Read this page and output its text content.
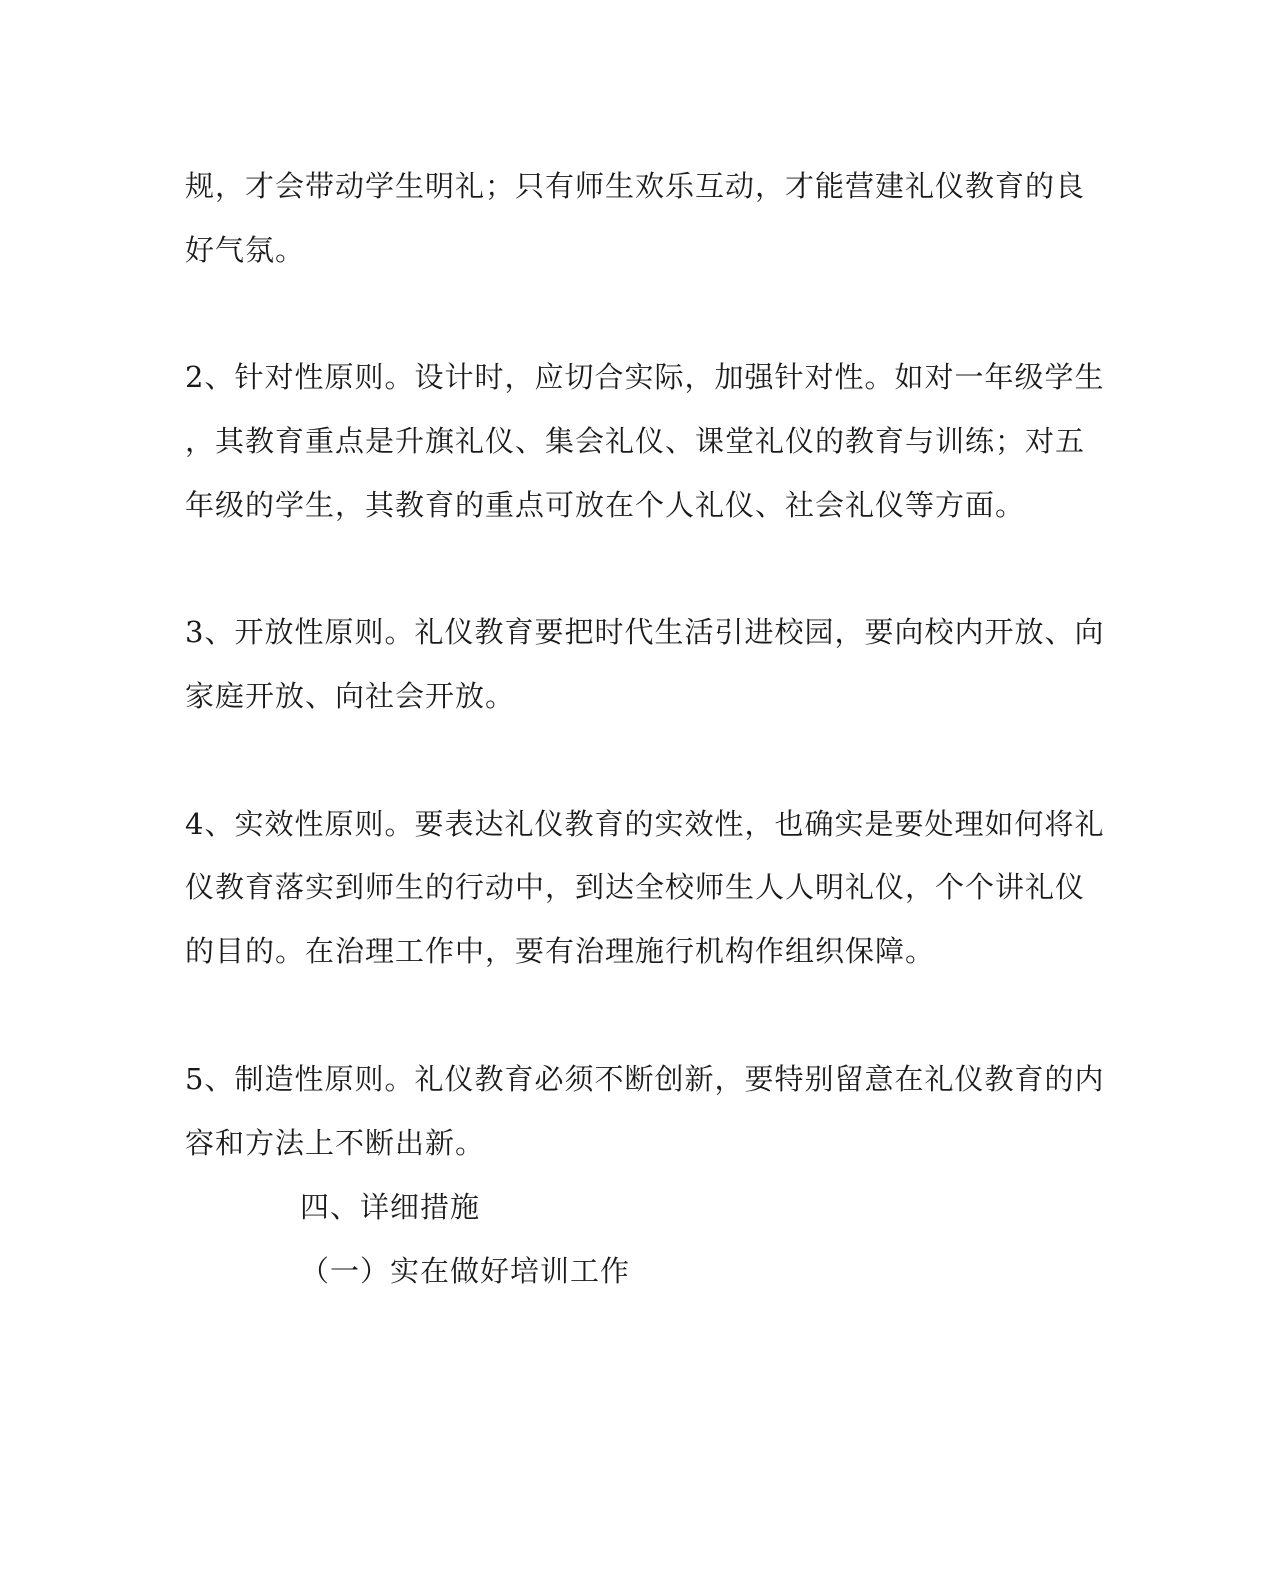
规，才会带动学生明礼；只有师生欢乐互动，才能营建礼仪教育的良
好气氛。
2、针对性原则。设计时，应切合实际，加强针对性。如对一年级学生
，其教育重点是升旗礼仪、集会礼仪、课堂礼仪的教育与训练；对五
年级的学生，其教育的重点可放在个人礼仪、社会礼仪等方面。
3、开放性原则。礼仪教育要把时代生活引进校园，要向校内开放、向
家庭开放、向社会开放。
4、实效性原则。要表达礼仪教育的实效性，也确实是要处理如何将礼
仪教育落实到师生的行动中，到达全校师生人人明礼仪，个个讲礼仪
的目的。在治理工作中，要有治理施行机构作组织保障。
5、制造性原则。礼仪教育必须不断创新，要特别留意在礼仪教育的内
容和方法上不断出新。
四、详细措施
（一）实在做好培训工作
